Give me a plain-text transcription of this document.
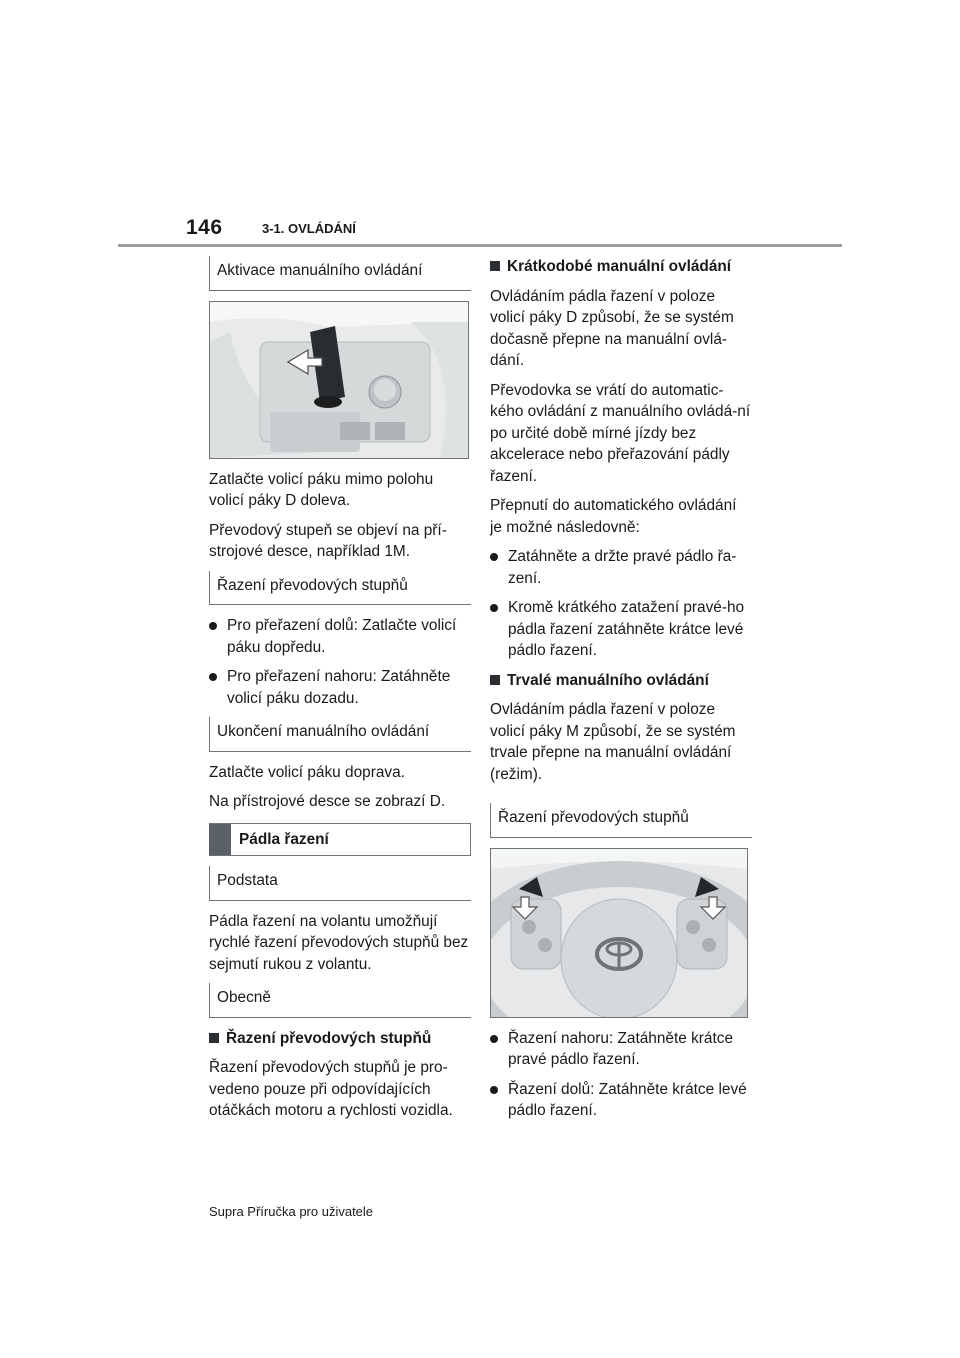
146	3-1. OVLÁDÁNÍ
Aktivace manuálního ovládání

Zatlačte volicí páku mimo polohu volicí páky D doleva.

Převodový stupeň se objeví na pří-strojové desce, například 1M.

Řazení převodových stupňů
Pro přeřazení dolů: Zatlačte volicí páku dopředu.
Pro přeřazení nahoru: Zatáhněte volicí páku dozadu.
Ukončení manuálního ovládání

Zatlačte volicí páku doprava.

Na přístrojové desce se zobrazí D.

Pádla řazení
Podstata

Pádla řazení na volantu umožňují rychlé řazení převodových stupňů bez sejmutí rukou z volantu.

Obecně
Řazení převodových stupňů

Řazení převodových stupňů je pro-vedeno pouze při odpovídajících otáčkách motoru a rychlosti vozidla.

Krátkodobé manuální ovládání

Ovládáním pádla řazení v poloze volicí páky D způsobí, že se systém dočasně přepne na manuální ovlá-dání.

Převodovka se vrátí do automatic-kého ovládání z manuálního ovládá-ní po určité době mírné jízdy bez akcelerace nebo přeřazování pádly řazení.

Přepnutí do automatického ovládání je možné následovně:

Zatáhněte a držte pravé pádlo řa-zení.
Kromě krátkého zatažení pravé-ho pádla řazení zatáhněte krátce levé pádlo řazení.
Trvalé manuálního ovládání

Ovládáním pádla řazení v poloze volicí páky M způsobí, že se systém trvale přepne na manuální ovládání (režim).

Řazení převodových stupňů
Řazení nahoru: Zatáhněte krátce pravé pádlo řazení.
Řazení dolů: Zatáhněte krátce levé pádlo řazení.
Supra Příručka pro uživatele
